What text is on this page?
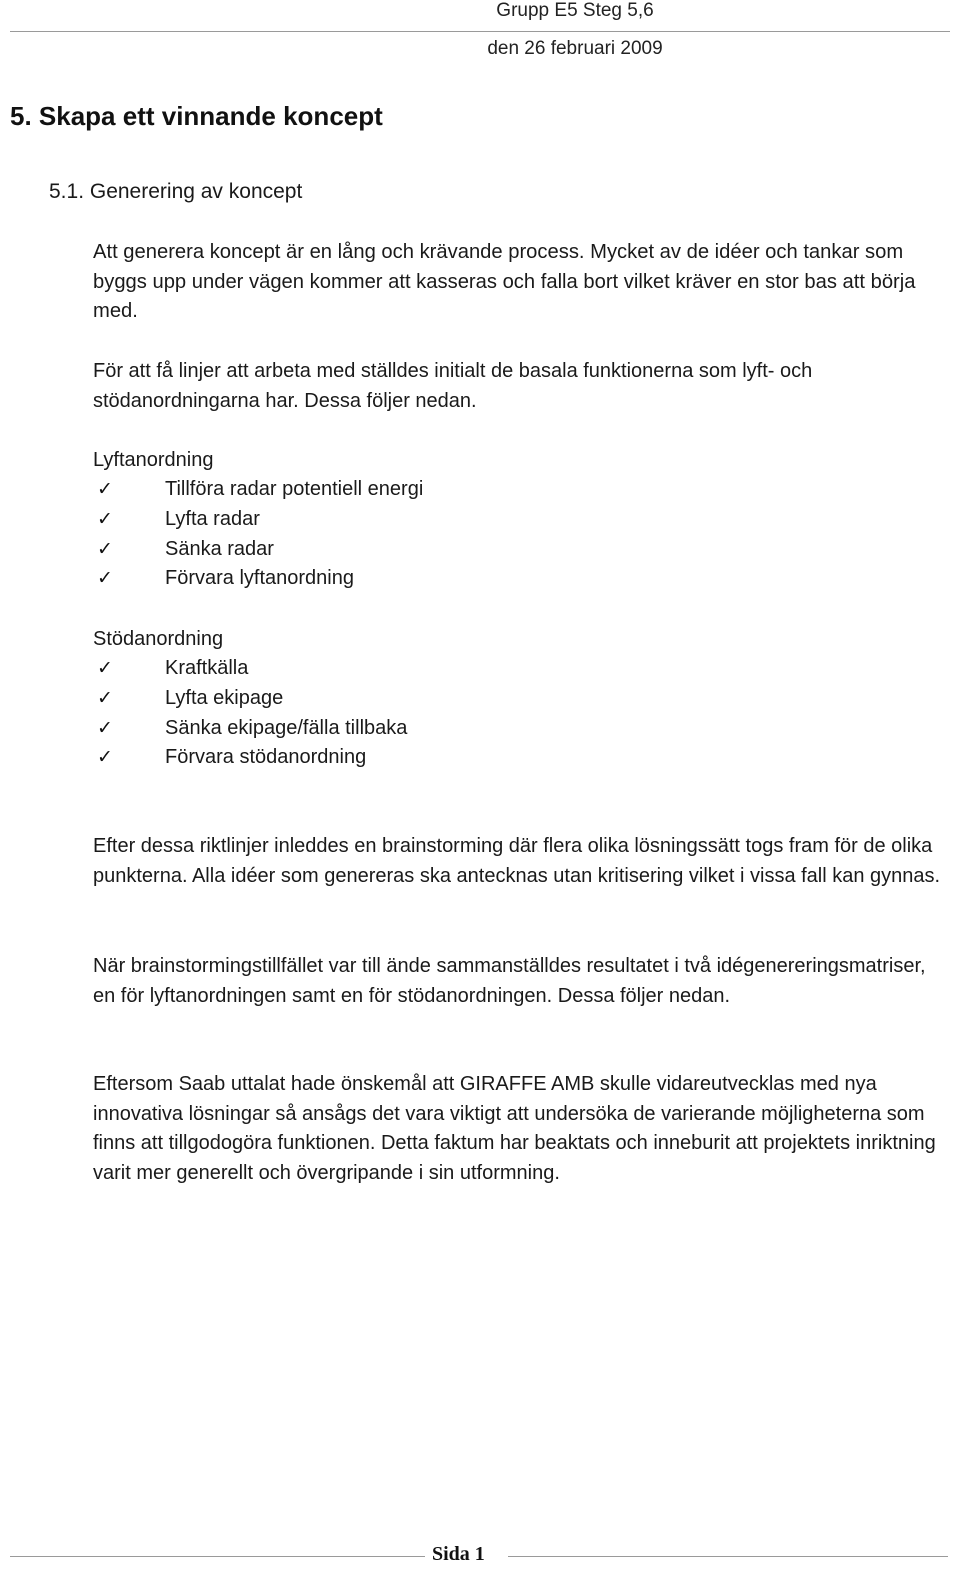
Grupp E5 Steg 5,6
den 26 februari 2009
5. Skapa ett vinnande koncept
5.1. Generering av koncept
Att generera koncept är en lång och krävande process. Mycket av de idéer och tankar som byggs upp under vägen kommer att kasseras och falla bort vilket kräver en stor bas att börja med.
För att få linjer att arbeta med ställdes initialt de basala funktionerna som lyft- och stödanordningarna har. Dessa följer nedan.
Lyftanordning
✓	Tillföra radar potentiell energi
✓	Lyfta radar
✓	Sänka radar
✓	Förvara lyftanordning
Stödanordning
✓	Kraftkälla
✓	Lyfta ekipage
✓	Sänka ekipage/fälla tillbaka
✓	Förvara stödanordning
Efter dessa riktlinjer inleddes en brainstorming där flera olika lösningssätt togs fram för de olika punkterna. Alla idéer som genereras ska antecknas utan kritisering vilket i vissa fall kan gynnas.
När brainstormingstillfället var till ände sammanställdes resultatet i två idégenereringsmatriser, en för lyftanordningen samt en för stödanordningen. Dessa följer nedan.
Eftersom Saab uttalat hade önskemål att GIRAFFE AMB skulle vidareutvecklas med nya innovativa lösningar så ansågs det vara viktigt att undersöka de varierande möjligheterna som finns att tillgodogöra funktionen. Detta faktum har beaktats och inneburit att projektets inriktning varit mer generellt och övergripande i sin utformning.
Sida 1
